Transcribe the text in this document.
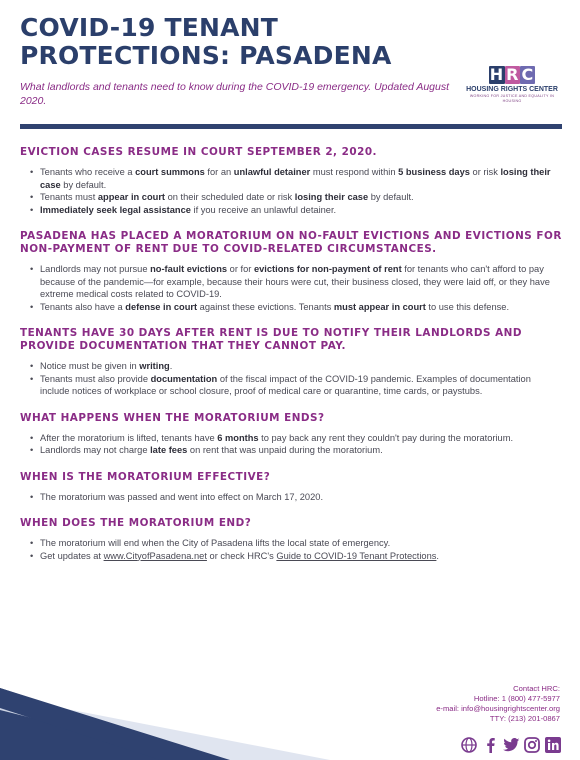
COVID-19 TENANT PROTECTIONS: PASADENA
What landlords and tenants need to know during the COVID-19 emergency. Updated August 2020.
H R C
HOUSING RIGHTS CENTER
WORKING FOR JUSTICE AND EQUALITY IN HOUSING
EVICTION CASES RESUME IN COURT SEPTEMBER 2, 2020.
• Tenants who receive a court summons for an unlawful detainer must respond within 5 business days or risk losing their case by default.
• Tenants must appear in court on their scheduled date or risk losing their case by default.
• Immediately seek legal assistance if you receive an unlawful detainer.
PASADENA HAS PLACED A MORATORIUM ON NO-FAULT EVICTIONS AND EVICTIONS FOR NON-PAYMENT OF RENT DUE TO COVID-RELATED CIRCUMSTANCES.
• Landlords may not pursue no-fault evictions or for evictions for non-payment of rent for tenants who can't afford to pay because of the pandemic—for example, because their hours were cut, their business closed, they were laid off, or they have extreme medical costs related to COVID-19.
• Tenants also have a defense in court against these evictions. Tenants must appear in court to use this defense.
TENANTS HAVE 30 DAYS AFTER RENT IS DUE TO NOTIFY THEIR LANDLORDS AND PROVIDE DOCUMENTATION THAT THEY CANNOT PAY.
• Notice must be given in writing.
• Tenants must also provide documentation of the fiscal impact of the COVID-19 pandemic. Examples of documentation include notices of workplace or school closure, proof of medical care or quarantine, time cards, or paystubs.
WHAT HAPPENS WHEN THE MORATORIUM ENDS?
• After the moratorium is lifted, tenants have 6 months to pay back any rent they couldn't pay during the moratorium.
• Landlords may not charge late fees on rent that was unpaid during the moratorium.
WHEN IS THE MORATORIUM EFFECTIVE?
• The moratorium was passed and went into effect on March 17, 2020.
WHEN DOES THE MORATORIUM END?
• The moratorium will end when the City of Pasadena lifts the local state of emergency.
• Get updates at www.CityofPasadena.net or check HRC's Guide to COVID-19 Tenant Protections.
Contact HRC:
Hotline: 1 (800) 477-5977
e-mail: info@housingrightscenter.org
TTY: (213) 201-0867
